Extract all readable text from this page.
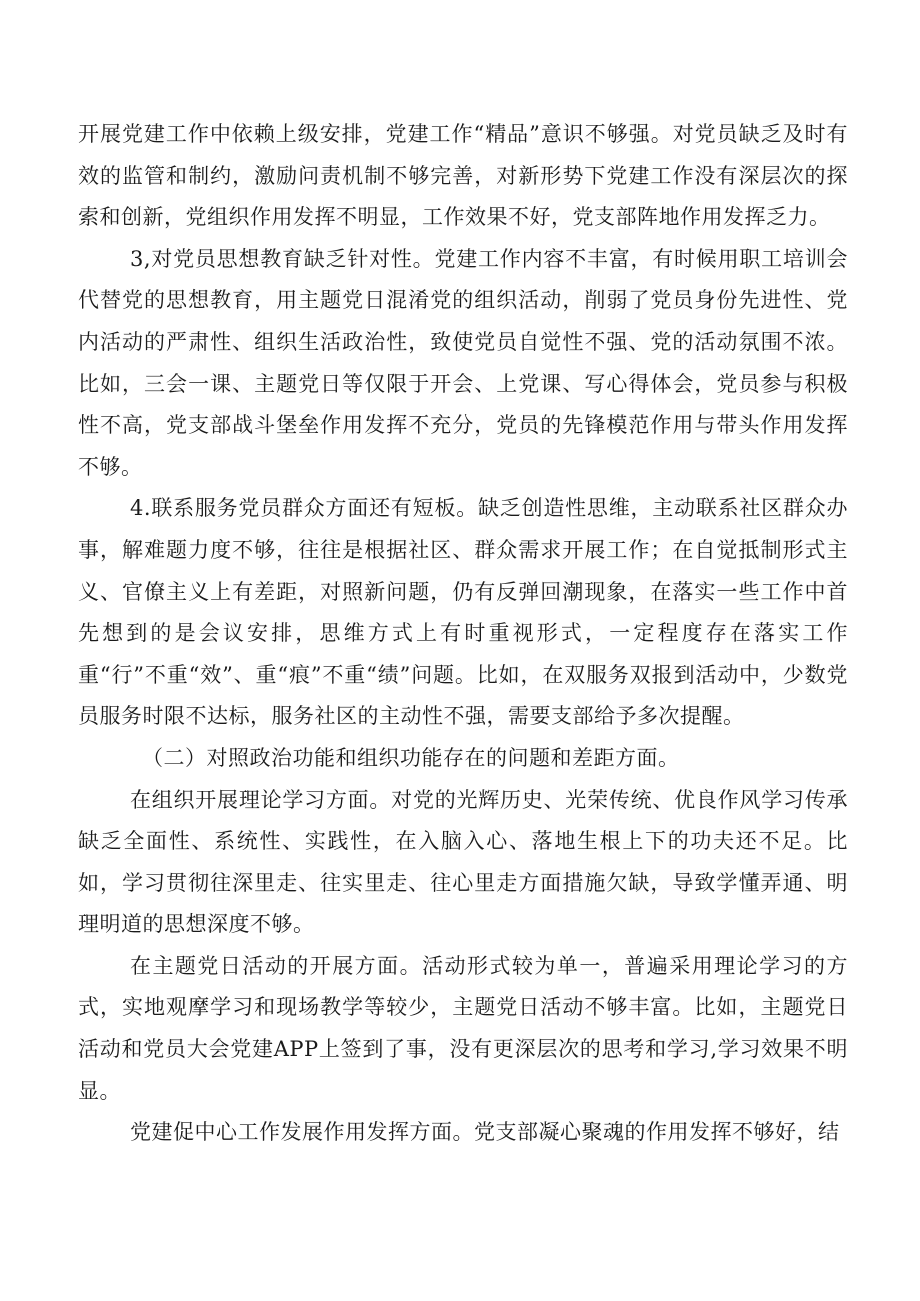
开展党建工作中依赖上级安排，党建工作“精品”意识不够强。对党员缺乏及时有效的监管和制约，激励问责机制不够完善，对新形势下党建工作没有深层次的探索和创新，党组织作用发挥不明显，工作效果不好，党支部阵地作用发挥乏力。

3,对党员思想教育缺乏针对性。党建工作内容不丰富，有时候用职工培训会代替党的思想教育，用主题党日混淆党的组织活动，削弱了党员身份先进性、党内活动的严肃性、组织生活政治性，致使党员自觉性不强、党的活动氛围不浓。比如，三会一课、主题党日等仅限于开会、上党课、写心得体会，党员参与积极性不高，党支部战斗堡垒作用发挥不充分，党员的先锋模范作用与带头作用发挥不够。

4.联系服务党员群众方面还有短板。缺乏创造性思维，主动联系社区群众办事，解难题力度不够，往往是根据社区、群众需求开展工作；在自觉抵制形式主义、官僚主义上有差距，对照新问题，仍有反弹回潮现象，在落实一些工作中首先想到的是会议安排，思维方式上有时重视形式，一定程度存在落实工作重“行”不重“效”、重“痕”不重“绩”问题。比如，在双服务双报到活动中，少数党员服务时限不达标，服务社区的主动性不强，需要支部给予多次提醒。

（二）对照政治功能和组织功能存在的问题和差距方面。

在组织开展理论学习方面。对党的光辉历史、光荣传统、优良作风学习传承缺乏全面性、系统性、实践性，在入脑入心、落地生根上下的功夫还不足。比如，学习贯彻往深里走、往实里走、往心里走方面措施欠缺，导致学懂弄通、明理明道的思想深度不够。

在主题党日活动的开展方面。活动形式较为单一，普遍采用理论学习的方式，实地观摩学习和现场教学等较少，主题党日活动不够丰富。比如，主题党日活动和党员大会党建APP上签到了事，没有更深层次的思考和学习,学习效果不明显。

党建促中心工作发展作用发挥方面。党支部凝心聚魂的作用发挥不够好，结
